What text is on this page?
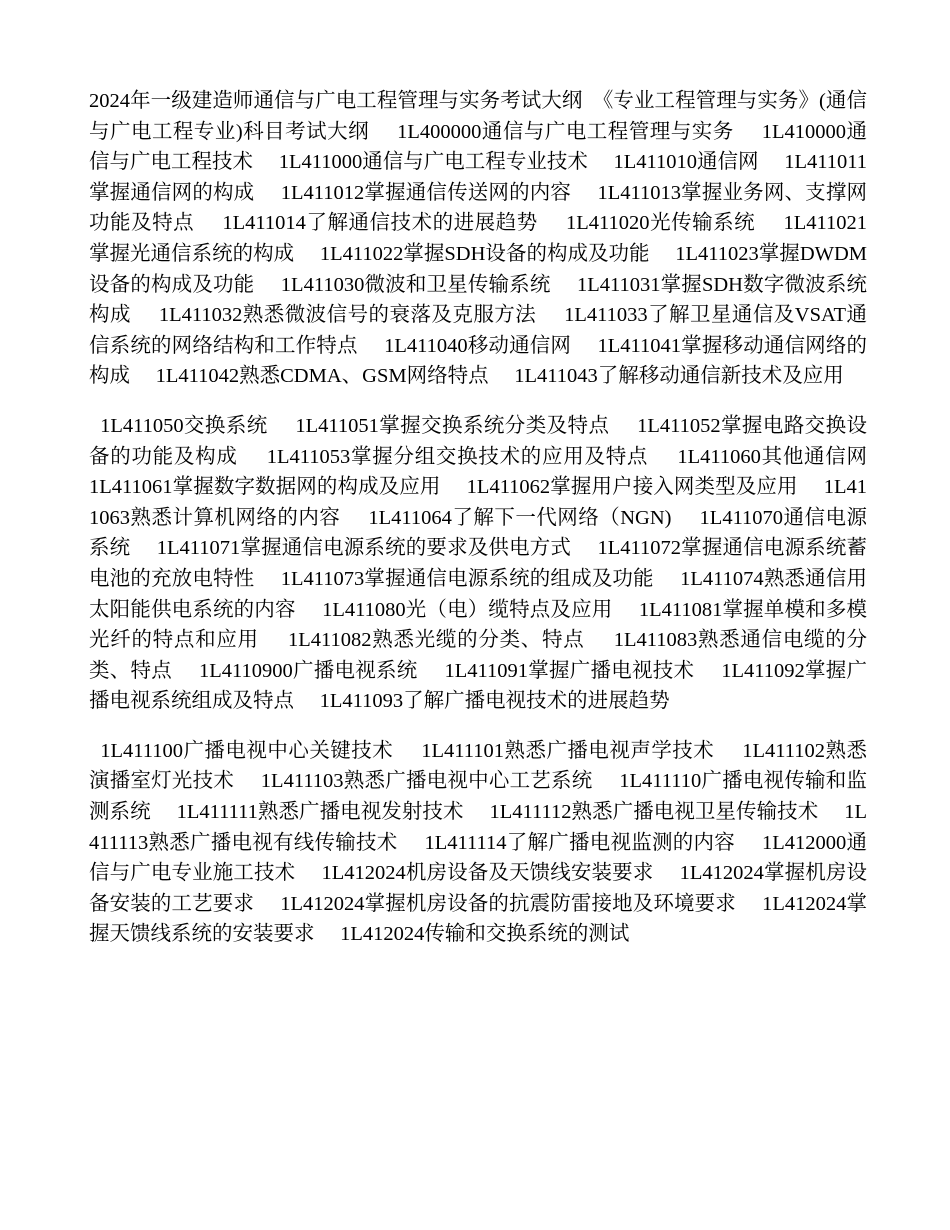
2024年一级建造师通信与广电工程管理与实务考试大纲  《专业工程管理与实务》(通信与广电工程专业)科目考试大纲     1L400000通信与广电工程管理与实务     1L410000通信与广电工程技术     1L411000通信与广电工程专业技术     1L411010通信网     1L411011掌握通信网的构成     1L411012掌握通信传送网的内容     1L411013掌握业务网、支撑网功能及特点     1L411014了解通信技术的进展趋势     1L411020光传输系统     1L411021掌握光通信系统的构成     1L411022掌握SDH设备的构成及功能     1L411023掌握DWDM设备的构成及功能     1L411030微波和卫星传输系统     1L411031掌握SDH数字微波系统构成     1L411032熟悉微波信号的衰落及克服方法     1L411033了解卫星通信及VSAT通信系统的网络结构和工作特点     1L411040移动通信网     1L411041掌握移动通信网络的构成     1L411042熟悉CDMA、GSM网络特点     1L411043了解移动通信新技术及应用

1L411050交换系统     1L411051掌握交换系统分类及特点     1L411052掌握电路交换设备的功能及构成     1L411053掌握分组交换技术的应用及特点     1L411060其他通信网     1L411061掌握数字数据网的构成及应用     1L411062掌握用户接入网类型及应用     1L411063熟悉计算机网络的内容     1L411064了解下一代网络（NGN)     1L411070通信电源系统     1L411071掌握通信电源系统的要求及供电方式     1L411072掌握通信电源系统蓄电池的充放电特性     1L411073掌握通信电源系统的组成及功能     1L411074熟悉通信用太阳能供电系统的内容     1L411080光（电）缆特点及应用     1L411081掌握单模和多模光纤的特点和应用     1L411082熟悉光缆的分类、特点     1L411083熟悉通信电缆的分类、特点     1L4110900广播电视系统     1L411091掌握广播电视技术     1L411092掌握广播电视系统组成及特点     1L411093了解广播电视技术的进展趋势

1L411100广播电视中心关键技术     1L411101熟悉广播电视声学技术     1L411102熟悉演播室灯光技术     1L411103熟悉广播电视中心工艺系统     1L411110广播电视传输和监测系统     1L411111熟悉广播电视发射技术     1L411112熟悉广播电视卫星传输技术     1L411113熟悉广播电视有线传输技术     1L411114了解广播电视监测的内容     1L412000通信与广电专业施工技术     1L412024机房设备及天馈线安装要求     1L412024掌握机房设备安装的工艺要求     1L412024掌握机房设备的抗震防雷接地及环境要求     1L412024掌握天馈线系统的安装要求     1L412024传输和交换系统的测试
